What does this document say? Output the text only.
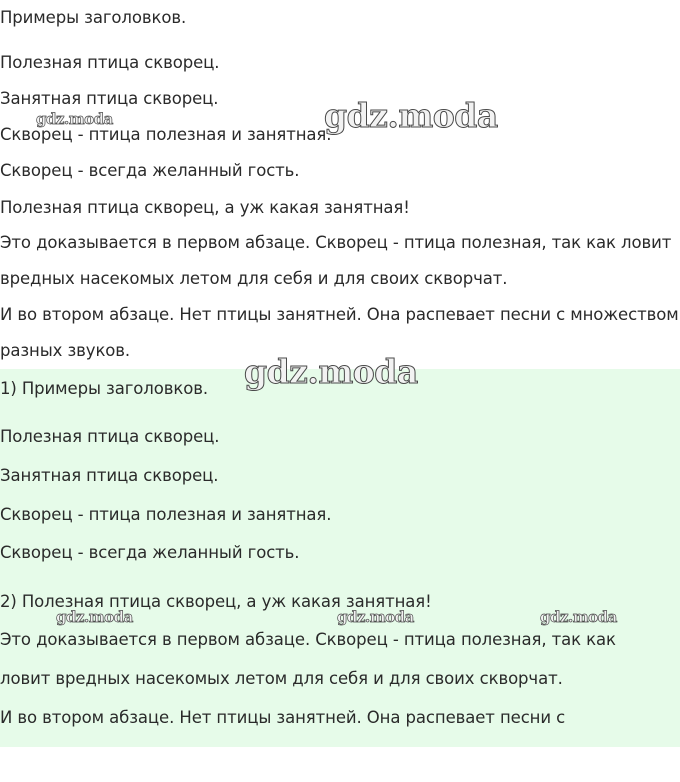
Примеры заголовков.
Полезная птица скворец.
Занятная птица скворец.
Скворец - птица полезная и занятная.
Скворец - всегда желанный гость.
Полезная птица скворец, а уж какая занятная!
Это доказывается в первом абзаце. Скворец - птица полезная, так как ловит
вредных насекомых летом для себя и для своих скворчат.
И во втором абзаце. Нет птицы занятней. Она распевает песни с множеством
разных звуков.
1) Примеры заголовков.
Полезная птица скворец.
Занятная птица скворец.
Скворец - птица полезная и занятная.
Скворец - всегда желанный гость.
2) Полезная птица скворец, а уж какая занятная!
Это доказывается в первом абзаце. Скворец - птица полезная, так как
ловит вредных насекомых летом для себя и для своих скворчат.
И во втором абзаце. Нет птицы занятней. Она распевает песни с
gdz.moda
gdz.moda
gdz.moda
gdz.moda	gdz.moda	gdz.moda
